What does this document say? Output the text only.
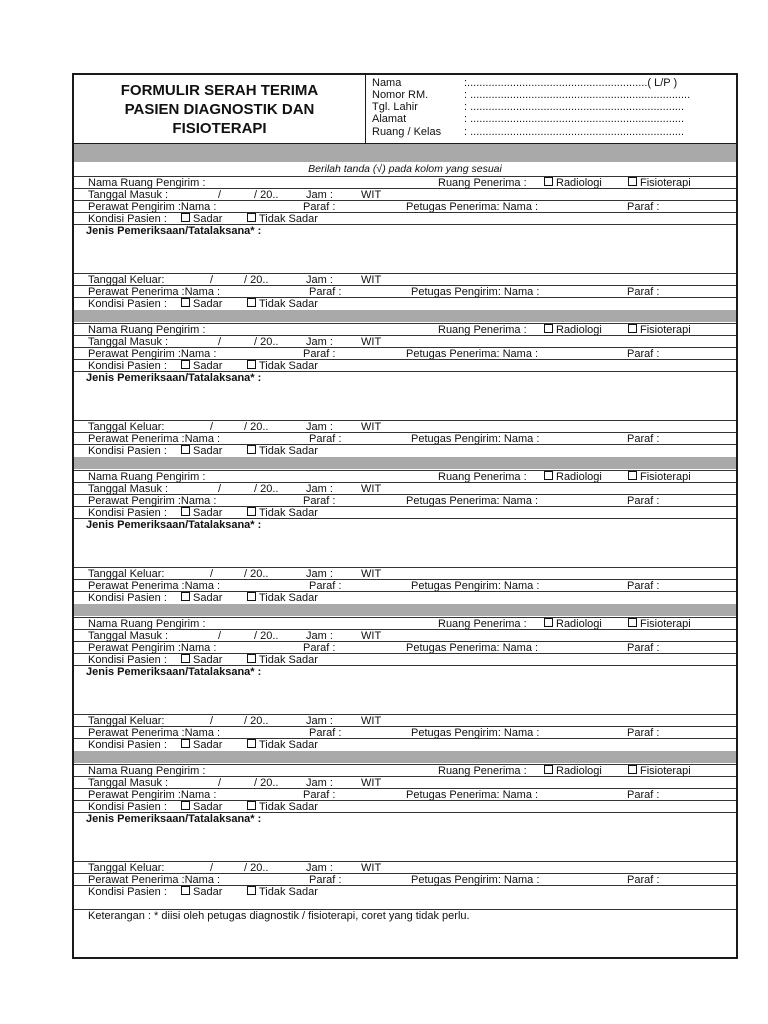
FORMULIR SERAH TERIMA
PASIEN DIAGNOSTIK DAN
FISIOTERAPI
Nama	:...........................................................( L/P )
Nomor RM.	: ........................................................................
Tgl. Lahir	: ......................................................................
Alamat	: ......................................................................
Ruang / Kelas : ......................................................................
Berilah tanda (√) pada kolom yang sesuai
Nama Ruang Pengirim :	Ruang Penerima :	Radiologi	Fisioterapi
Tanggal Masuk :	/	/ 20..	Jam :	WIT
Perawat Pengirim :Nama :	Paraf :	Petugas Penerima: Nama :	Paraf :
Kondisi Pasien :	Sadar	Tidak Sadar
Jenis Pemeriksaan/Tatalaksana* :
Tanggal Keluar:	/	/ 20..	Jam :	WIT
Perawat Penerima :Nama :	Paraf :	Petugas Pengirim: Nama :	Paraf :
Kondisi Pasien :	Sadar	Tidak Sadar
Nama Ruang Pengirim :	Ruang Penerima :	Radiologi	Fisioterapi
Tanggal Masuk :	/	/ 20..	Jam :	WIT
Perawat Pengirim :Nama :	Paraf :	Petugas Penerima: Nama :	Paraf :
Kondisi Pasien :	Sadar	Tidak Sadar
Jenis Pemeriksaan/Tatalaksana* :
Tanggal Keluar:	/	/ 20..	Jam :	WIT
Perawat Penerima :Nama :	Paraf :	Petugas Pengirim: Nama :	Paraf :
Kondisi Pasien :	Sadar	Tidak Sadar
Nama Ruang Pengirim :	Ruang Penerima :	Radiologi	Fisioterapi
Tanggal Masuk :	/	/ 20..	Jam :	WIT
Perawat Pengirim :Nama :	Paraf :	Petugas Penerima: Nama :	Paraf :
Kondisi Pasien :	Sadar	Tidak Sadar
Jenis Pemeriksaan/Tatalaksana* :
Tanggal Keluar:	/	/ 20..	Jam :	WIT
Perawat Penerima :Nama :	Paraf :	Petugas Pengirim: Nama :	Paraf :
Kondisi Pasien :	Sadar	Tidak Sadar
Nama Ruang Pengirim :	Ruang Penerima :	Radiologi	Fisioterapi
Tanggal Masuk :	/	/ 20..	Jam :	WIT
Perawat Pengirim :Nama :	Paraf :	Petugas Penerima: Nama :	Paraf :
Kondisi Pasien :	Sadar	Tidak Sadar
Jenis Pemeriksaan/Tatalaksana* :
Tanggal Keluar:	/	/ 20..	Jam :	WIT
Perawat Penerima :Nama :	Paraf :	Petugas Pengirim: Nama :	Paraf :
Kondisi Pasien :	Sadar	Tidak Sadar
Nama Ruang Pengirim :	Ruang Penerima :	Radiologi	Fisioterapi
Tanggal Masuk :	/	/ 20..	Jam :	WIT
Perawat Pengirim :Nama :	Paraf :	Petugas Penerima: Nama :	Paraf :
Kondisi Pasien :	Sadar	Tidak Sadar
Jenis Pemeriksaan/Tatalaksana* :
Tanggal Keluar:	/	/ 20..	Jam :	WIT
Perawat Penerima :Nama :	Paraf :	Petugas Pengirim: Nama :	Paraf :
Kondisi Pasien :	Sadar	Tidak Sadar
Keterangan : * diisi oleh petugas diagnostik / fisioterapi, coret yang tidak perlu.
